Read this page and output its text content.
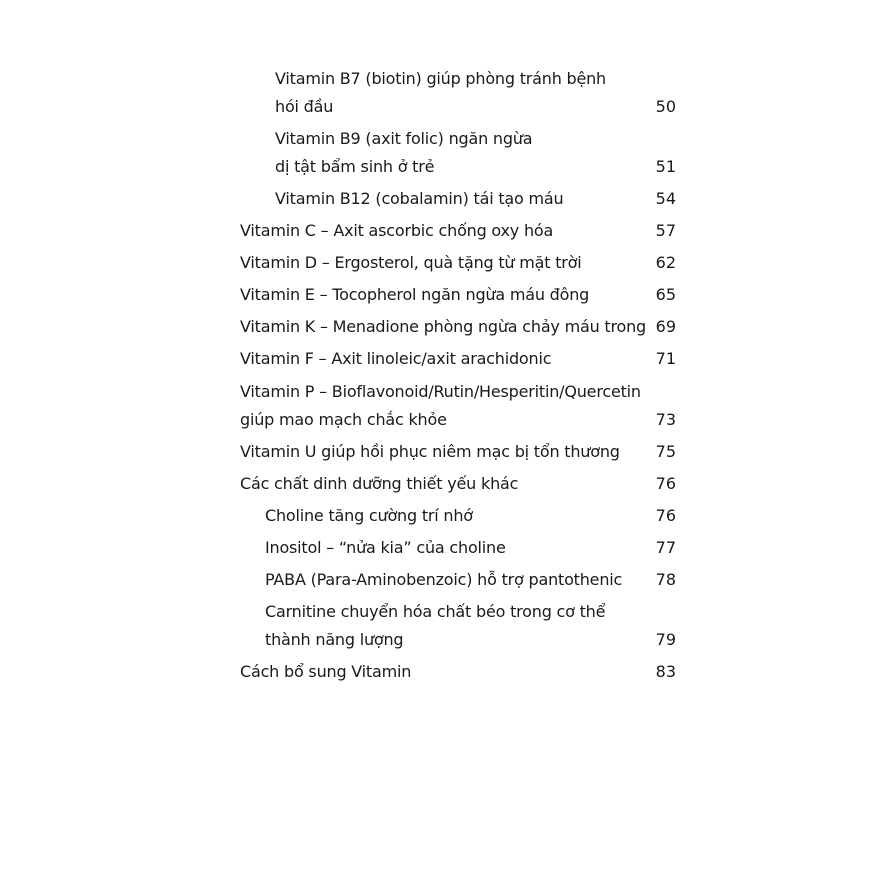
Vitamin B7 (biotin) giúp phòng tránh bệnh
hói đầu	50
Vitamin B9 (axit folic) ngăn ngừa
dị tật bẩm sinh ở trẻ	51
Vitamin B12 (cobalamin) tái tạo máu	54
Vitamin C – Axit ascorbic chống oxy hóa	57
Vitamin D – Ergosterol, quà tặng từ mặt trời	62
Vitamin E – Tocopherol ngăn ngừa máu đông	65
Vitamin K – Menadione phòng ngừa chảy máu trong 69
Vitamin F – Axit linoleic/axit arachidonic	71
Vitamin P – Bioflavonoid/Rutin/Hesperitin/Quercetin
giúp mao mạch chắc khỏe	73
Vitamin U giúp hồi phục niêm mạc bị tổn thương 75
Các chất dinh dưỡng thiết yếu khác	76
Choline tăng cường trí nhớ	76
Inositol – “nửa kia” của choline	77
PABA (Para-Aminobenzoic) hỗ trợ pantothenic 78
Carnitine chuyển hóa chất béo trong cơ thể
thành năng lượng	79
Cách bổ sung Vitamin	83
